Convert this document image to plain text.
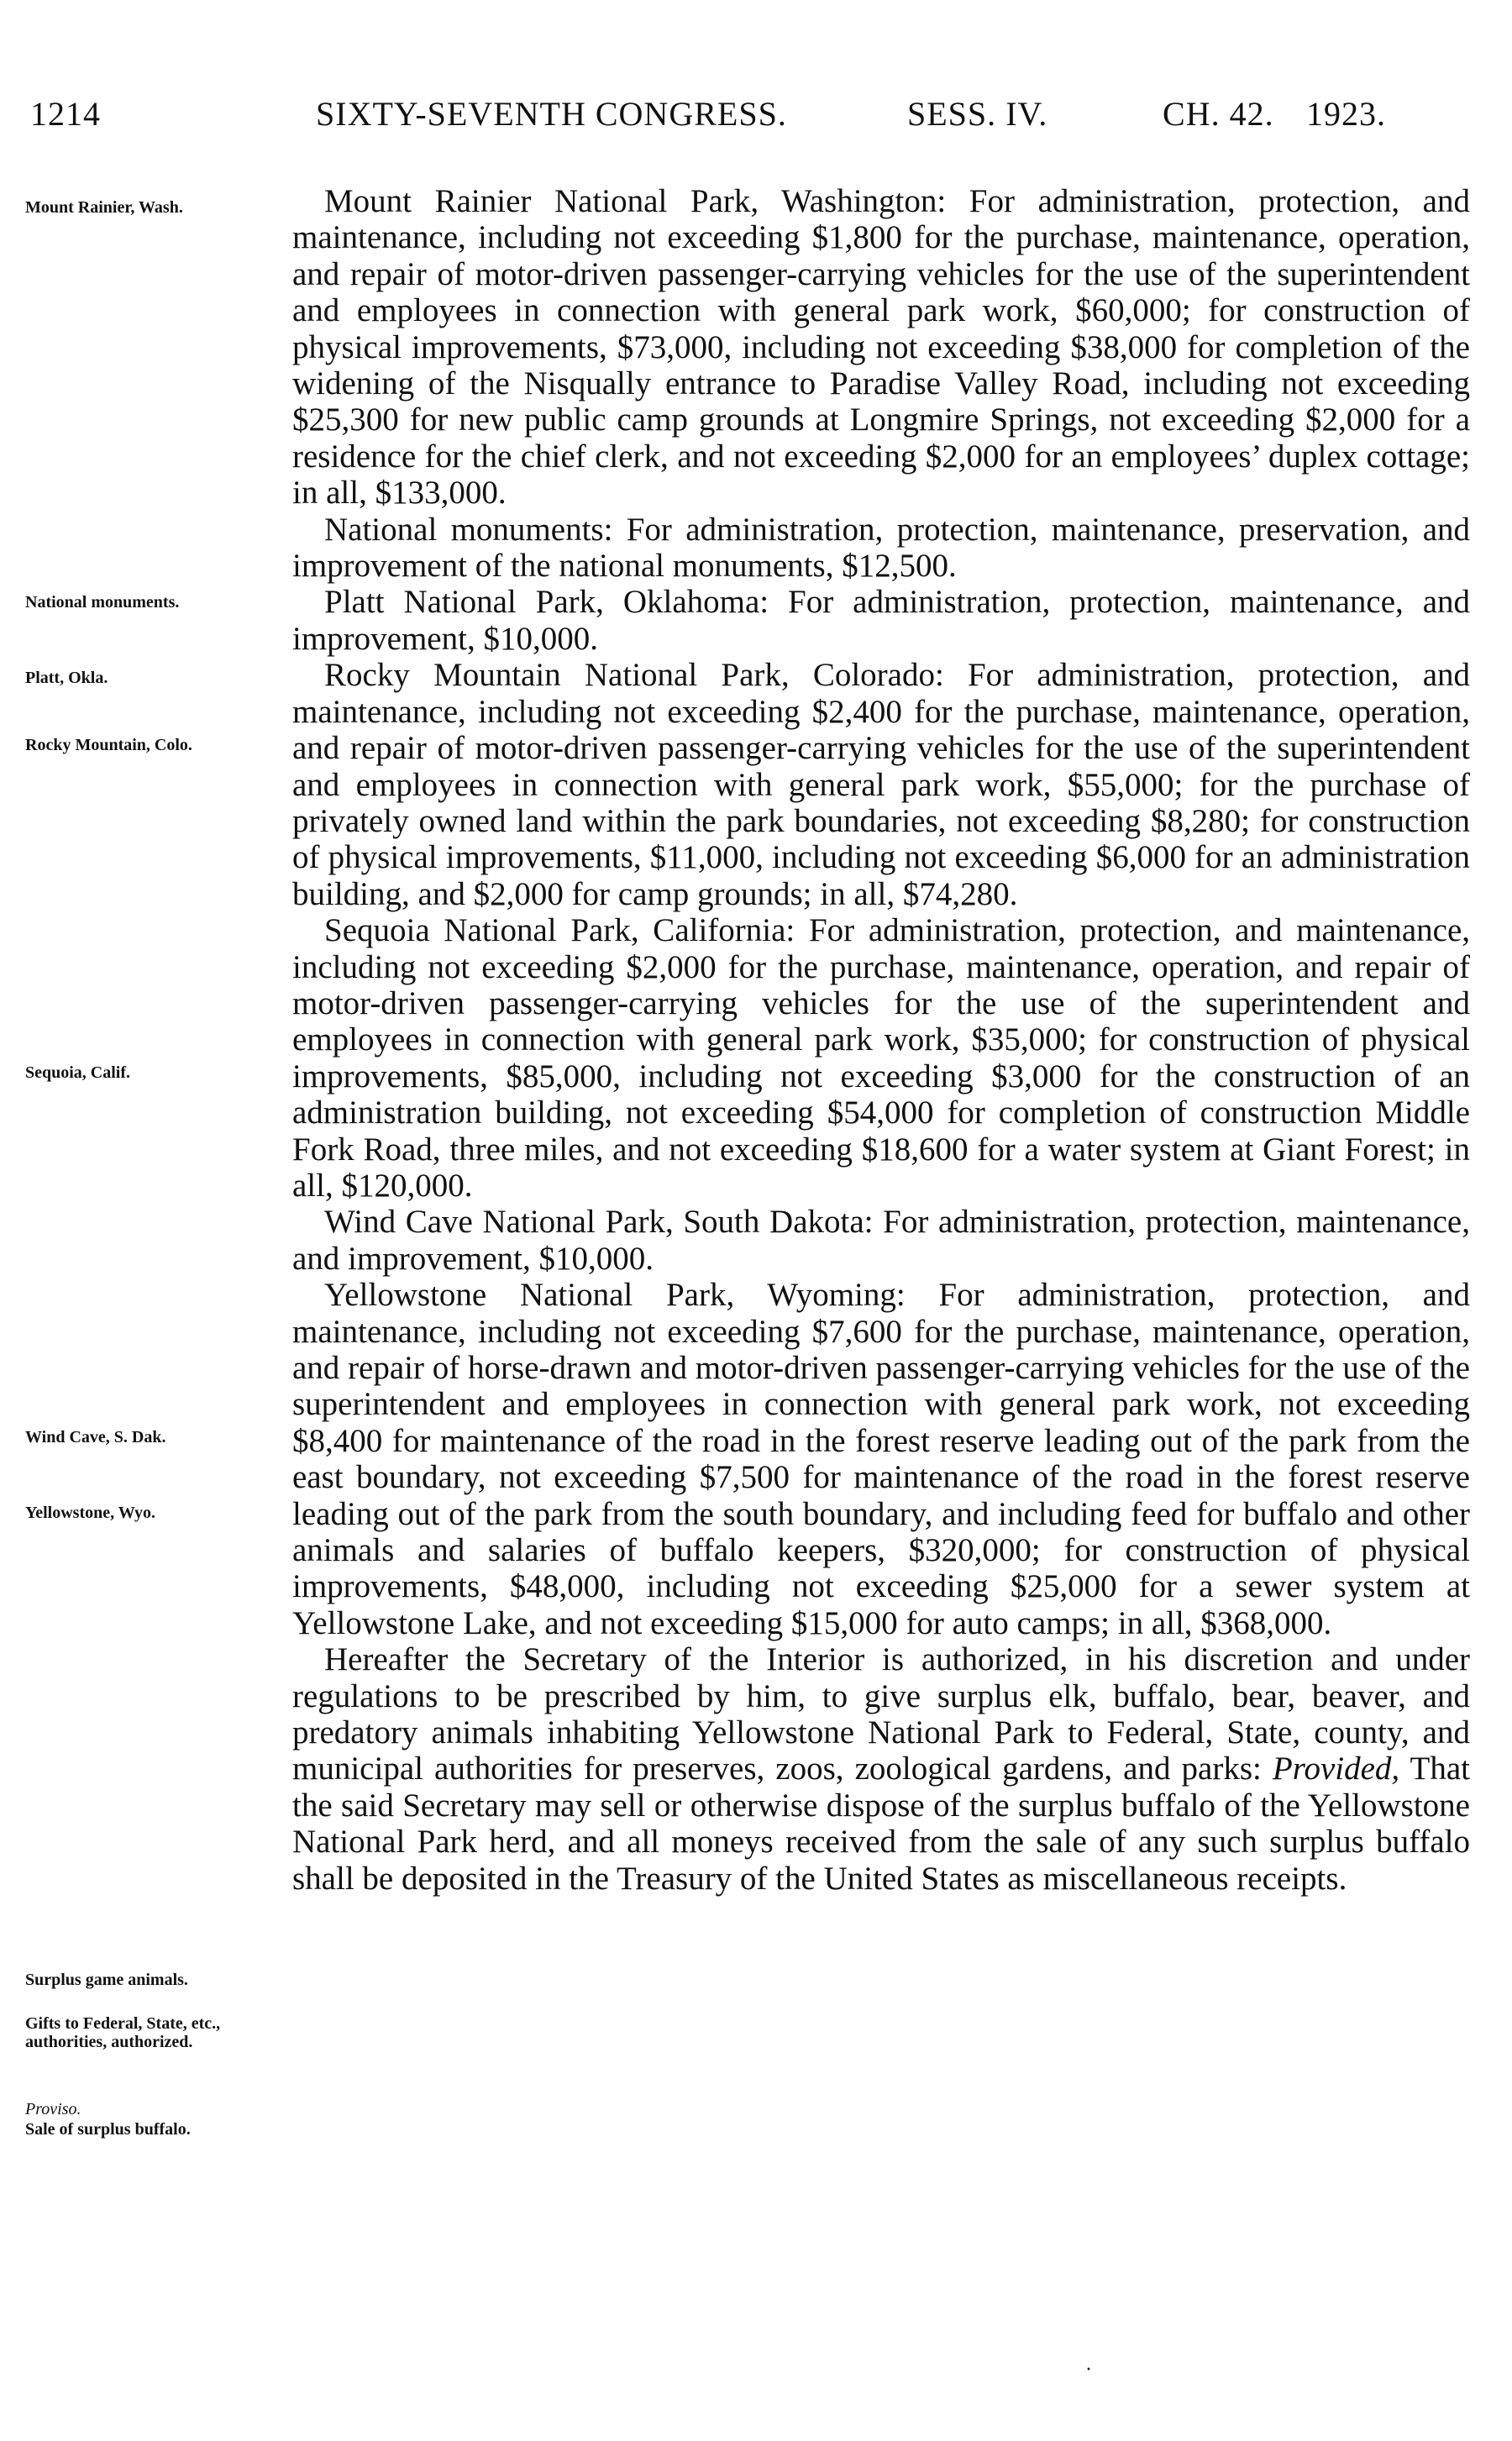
1214	SIXTY-SEVENTH CONGRESS.	SESS. IV.	CH. 42. 1923.
Mount Rainier, Wash.
National monuments.
Platt, Okla.
Rocky Mountain, Colo.
Sequoia, Calif.
Wind Cave, S. Dak.
Yellowstone, Wyo.
Surplus game animals.
Gifts to Federal, State, etc., authorities, authorized.
Proviso.
Sale of surplus buffalo.

Mount Rainier National Park, Washington: For administration, protection, and maintenance, including not exceeding $1,800 for the purchase, maintenance, operation, and repair of motor-driven passenger-carrying vehicles for the use of the superintendent and employees in connection with general park work, $60,000; for construction of physical improvements, $73,000, including not exceeding $38,000 for completion of the widening of the Nisqually entrance to Paradise Valley Road, including not exceeding $25,300 for new public camp grounds at Longmire Springs, not exceeding $2,000 for a residence for the chief clerk, and not exceeding $2,000 for an employees’ duplex cottage; in all, $133,000.

National monuments: For administration, protection, maintenance, preservation, and improvement of the national monuments, $12,500.

Platt National Park, Oklahoma: For administration, protection, maintenance, and improvement, $10,000.

Rocky Mountain National Park, Colorado: For administration, protection, and maintenance, including not exceeding $2,400 for the purchase, maintenance, operation, and repair of motor-driven passenger-carrying vehicles for the use of the superintendent and employees in connection with general park work, $55,000; for the purchase of privately owned land within the park boundaries, not exceeding $8,280; for construction of physical improvements, $11,000, including not exceeding $6,000 for an administration building, and $2,000 for camp grounds; in all, $74,280.

Sequoia National Park, California: For administration, protection, and maintenance, including not exceeding $2,000 for the purchase, maintenance, operation, and repair of motor-driven passenger-carrying vehicles for the use of the superintendent and employees in connection with general park work, $35,000; for construction of physical improvements, $85,000, including not exceeding $3,000 for the construction of an administration building, not exceeding $54,000 for completion of construction Middle Fork Road, three miles, and not exceeding $18,600 for a water system at Giant Forest; in all, $120,000.

Wind Cave National Park, South Dakota: For administration, protection, maintenance, and improvement, $10,000.

Yellowstone National Park, Wyoming: For administration, protection, and maintenance, including not exceeding $7,600 for the purchase, maintenance, operation, and repair of horse-drawn and motor-driven passenger-carrying vehicles for the use of the superintendent and employees in connection with general park work, not exceeding $8,400 for maintenance of the road in the forest reserve leading out of the park from the east boundary, not exceeding $7,500 for maintenance of the road in the forest reserve leading out of the park from the south boundary, and including feed for buffalo and other animals and salaries of buffalo keepers, $320,000; for construction of physical improvements, $48,000, including not exceeding $25,000 for a sewer system at Yellowstone Lake, and not exceeding $15,000 for auto camps; in all, $368,000.

Hereafter the Secretary of the Interior is authorized, in his discretion and under regulations to be prescribed by him, to give surplus elk, buffalo, bear, beaver, and predatory animals inhabiting Yellowstone National Park to Federal, State, county, and municipal authorities for preserves, zoos, zoological gardens, and parks: Provided, That the said Secretary may sell or otherwise dispose of the surplus buffalo of the Yellowstone National Park herd, and all moneys received from the sale of any such surplus buffalo shall be deposited in the Treasury of the United States as miscellaneous receipts.

·
